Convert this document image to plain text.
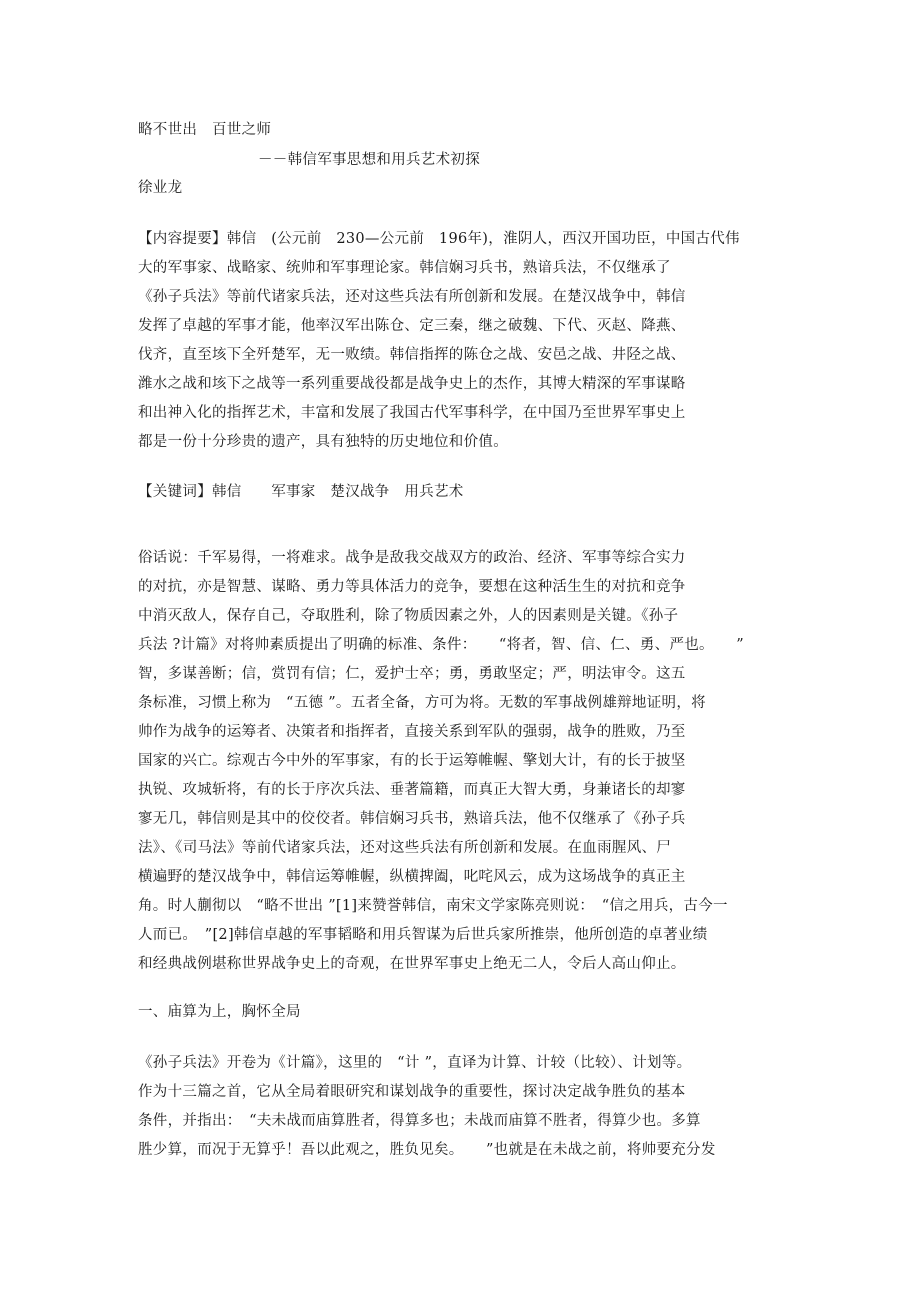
略不世出　百世之师
－－韩信军事思想和用兵艺术初探
徐业龙
【内容提要】韩信　(公元前　230—公元前　196年)，淮阴人，西汉开国功臣，中国古代伟
大的军事家、战略家、统帅和军事理论家。韩信娴习兵书，熟谙兵法，不仅继承了
《孙子兵法》等前代诸家兵法，还对这些兵法有所创新和发展。在楚汉战争中，韩信
发挥了卓越的军事才能，他率汉军出陈仓、定三秦，继之破魏、下代、灭赵、降燕、
伐齐，直至垓下全歼楚军，无一败绩。韩信指挥的陈仓之战、安邑之战、井陉之战、
潍水之战和垓下之战等一系列重要战役都是战争史上的杰作，其博大精深的军事谋略
和出神入化的指挥艺术，丰富和发展了我国古代军事科学，在中国乃至世界军事史上
都是一份十分珍贵的遗产，具有独特的历史地位和价值。
【关键词】韩信　　军事家　楚汉战争　用兵艺术
俗话说：千军易得，一将难求。战争是敌我交战双方的政治、经济、军事等综合实力
的对抗，亦是智慧、谋略、勇力等具体活力的竞争，要想在这种活生生的对抗和竞争
中消灭敌人，保存自己，夺取胜利，除了物质因素之外，人的因素则是关键。《孙子
兵法 ?计篇》对将帅素质提出了明确的标准、条件：　　“将者，智、信、仁、勇、严也。　　”
智，多谋善断；信，赏罚有信；仁，爱护士卒；勇，勇敢坚定；严，明法审令。这五
条标准，习惯上称为　“五德 ”。五者全备，方可为将。无数的军事战例雄辩地证明，将
帅作为战争的运筹者、决策者和指挥者，直接关系到军队的强弱，战争的胜败，乃至
国家的兴亡。综观古今中外的军事家，有的长于运筹帷幄、擎划大计，有的长于披坚
执锐、攻城斩将，有的长于序次兵法、垂著篇籍，而真正大智大勇，身兼诸长的却寥
寥无几，韩信则是其中的佼佼者。韩信娴习兵书，熟谙兵法，他不仅继承了《孙子兵
法》、《司马法》等前代诸家兵法，还对这些兵法有所创新和发展。在血雨腥风、尸
横遍野的楚汉战争中，韩信运筹帷幄，纵横捭阖，叱咤风云，成为这场战争的真正主
角。时人蒯彻以　“略不世出 ”[1]来赞誉韩信，南宋文学家陈亮则说：　“信之用兵，古今一
人而已。　”[2]韩信卓越的军事韬略和用兵智谋为后世兵家所推崇，他所创造的卓著业绩
和经典战例堪称世界战争史上的奇观，在世界军事史上绝无二人，令后人高山仰止。
一、庙算为上，胸怀全局
《孙子兵法》开卷为《计篇》，这里的　“计 ”，直译为计算、计较（比较）、计划等。
作为十三篇之首，它从全局着眼研究和谋划战争的重要性，探讨决定战争胜负的基本
条件，并指出：　“夫未战而庙算胜者，得算多也；未战而庙算不胜者，得算少也。多算
胜少算，而况于无算乎！吾以此观之，胜负见矣。　　”也就是在未战之前，将帅要充分发
